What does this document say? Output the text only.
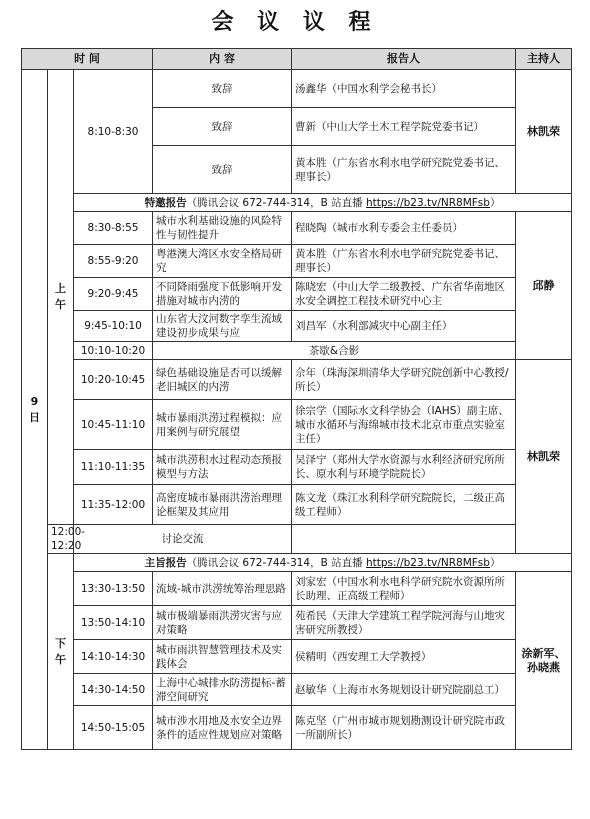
会 议 议 程
时 间			内 容	报告人	主持人
9
日	上
午	8:10-8:30	致辞	汤鑫华（中国水利学会秘书长）	林凯荣
			致辞	曹新（中山大学土木工程学院党委书记）	
			致辞	黄本胜（广东省水利水电学研究院党委书记、理事长）	
		特邀报告（腾讯会议 672-744-314，B 站直播 https://b23.tv/NR8MFsb）			
		8:30-8:55	城市水利基础设施的风险特性与韧性提升	程晓陶（城市水利专委会主任委员）	邱静
		8:55-9:20	粤港澳大湾区水安全格局研究	黄本胜（广东省水利水电学研究院党委书记、理事长）	
		9:20-9:45	不同降雨强度下低影响开发措施对城市内涝的	陈晓宏（中山大学二级教授、广东省华南地区水安全调控工程技术研究中心主	
		9:45-10:10	山东省大汶河数字孪生流域建设初步成果与应	刘昌军（水利部减灾中心副主任）	
		10:10-10:20	茶歇&合影		
		10:20-10:45	绿色基础设施是否可以缓解老旧城区的内涝	佘年（珠海深圳清华大学研究院创新中心教授/所长）	林凯荣
		10:45-11:10	城市暴雨洪涝过程模拟：应用案例与研究展望	徐宗学（国际水文科学协会（IAHS）副主席、城市水循环与海绵城市技术北京市重点实验室主任）	
		11:10-11:35	城市洪涝积水过程动态预报模型与方法	吴泽宁（郑州大学水资源与水利经济研究所所长、原水利与环境学院院长）	
		11:35-12:00	高密度城市暴雨洪涝治理理论框架及其应用	陈文龙（珠江水利科学研究院院长，二级正高级工程师）	
	12:00-12:20	讨论交流			
	下
午	主旨报告（腾讯会议 672-744-314，B 站直播 https://b23.tv/NR8MFsb）			
		13:30-13:50	流域-城市洪涝统筹治理思路	刘家宏（中国水利水电科学研究院水资源所所长助理、正高级工程师）	涂新军、孙晓燕
		13:50-14:10	城市极端暴雨洪涝灾害与应对策略	苑希民（天津大学建筑工程学院河海与山地灾害研究所教授）	
		14:10-14:30	城市雨洪智慧管理技术及实践体会	侯精明（西安理工大学教授）	
		14:30-14:50	上海中心城排水防涝提标-蓄滞空间研究	赵敏华（上海市水务规划设计研究院副总工）	
		14:50-15:05	城市涉水用地及水安全边界条件的适应性规划应对策略	陈克坚（广州市城市规划勘测设计研究院市政一所副所长）	
